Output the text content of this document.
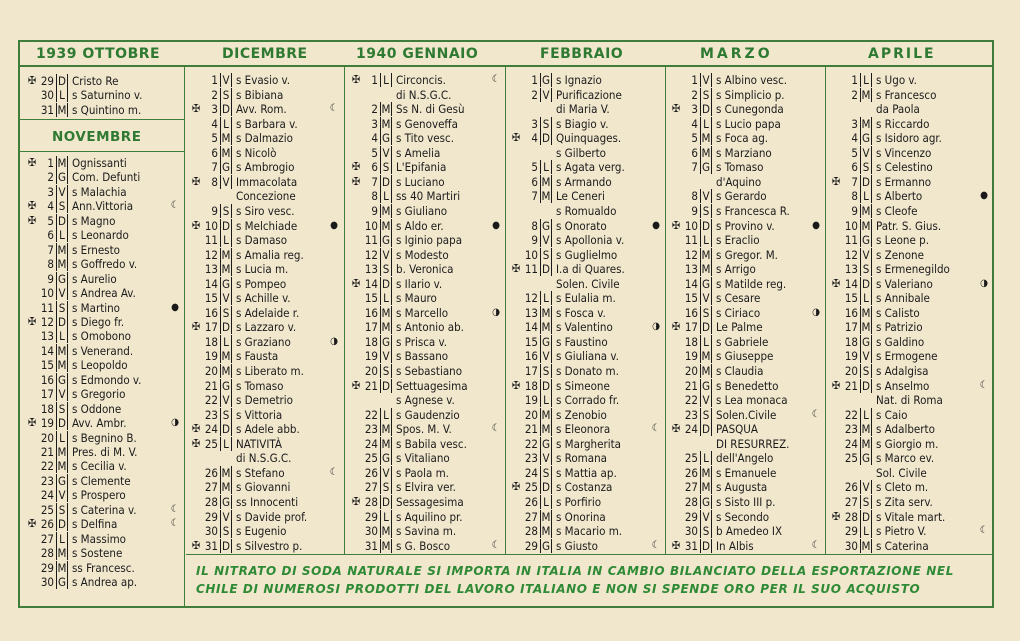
1939 OTTOBRE	DICEMBRE	1940 GENNAIO	FEBBRAIO	MARZO	APRILE
NOVEMBRE
✠ 29 D Cristo Re
30 L s Saturnino v.
31 M s Quintino m.
✠ 1 M Ognissanti
2 G Com. Defunti
3 V s Malachia
✠ 4 S Ann.Vittoria	☾
✠ 5 D s Magno
6 L s Leonardo
7 M s Ernesto
8 M s Goffredo v.
9 G s Aurelio
10 V s Andrea Av.
11 S s Martino	●
✠ 12 D s Diego fr.
13 L s Omobono
14 M s Venerand.
15 M s Leopoldo
16 G s Edmondo v.
17 V s Gregorio
18 S s Oddone
✠ 19 D Avv. Ambr.	◑
20 L s Begnino B.
21 M Pres. di M. V.
22 M s Cecilia v.
23 G s Clemente
24 V s Prospero
25 S s Caterina v.	☾
✠ 26 D s Delfina	☾
27 L s Massimo
28 M s Sostene
29 M ss Francesc.
30 G s Andrea ap.
1 V s Evasio v.
2 S s Bibiana
✠ 3 D Avv. Rom.	☾
4 L s Barbara v.
5 M s Dalmazio
6 M s Nicolò
7 G s Ambrogio
✠ 8 V Immacolata
Concezione
9 S s Siro vesc.
✠ 10 D s Melchiade	●
11 L s Damaso
12 M s Amalia reg.
13 M s Lucia m.
14 G s Pompeo
15 V s Achille v.
16 S s Adelaide r.
✠ 17 D s Lazzaro v.
18 L s Graziano	◑
19 M s Fausta
20 M s Liberato m.
21 G s Tomaso
22 V s Demetrio
23 S s Vittoria
✠ 24 D s Adele abb.
✠ 25 L NATIVITÀ
di N.S.G.C.
26 M s Stefano	☾
27 M s Giovanni
28 G ss Innocenti
29 V s Davide prof.
30 S s Eugenio
✠ 31 D s Silvestro p.
✠ 1 L Circoncis.	☾
di N.S.G.C.
2 M Ss N. di Gesù
3 M s Genoveffa
4 G s Tito vesc.
5 V s Amelia
✠ 6 S L'Epifania
✠ 7 D s Luciano
8 L ss 40 Martiri
9 M s Giuliano
10 M s Aldo er.	●
11 G s Iginio papa
12 V s Modesto
13 S b. Veronica
✠ 14 D s Ilario v.
15 L s Mauro
16 M s Marcello	◑
17 M s Antonio ab.
18 G s Prisca v.
19 V s Bassano
20 S s Sebastiano
✠ 21 D Settuagesima
s Agnese v.
22 L s Gaudenzio
23 M Spos. M. V.	☾
24 M s Babila vesc.
25 G s Vitaliano
26 V s Paola m.
27 S s Elvira ver.
✠ 28 D Sessagesima
29 L s Aquilino pr.
30 M s Savina m.
31 M s G. Bosco	☾
1 G s Ignazio
2 V Purificazione
di Maria V.
3 S s Biagio v.
✠ 4 D Quinquages.
s Gilberto
5 L s Agata verg.
6 M s Armando
7 M Le Ceneri
s Romualdo
8 G s Onorato	●
9 V s Apollonia v.
10 S s Guglielmo
✠ 11 D I.a di Quares.
Solen. Civile
12 L s Eulalia m.
13 M s Fosca v.
14 M s Valentino	◑
15 G s Faustino
16 V s Giuliana v.
17 S s Donato m.
✠ 18 D s Simeone
19 L s Corrado fr.
20 M s Zenobio
21 M s Eleonora	☾
22 G s Margherita
23 V s Romana
24 S s Mattia ap.
✠ 25 D s Costanza
26 L s Porfirio
27 M s Onorina
28 M s Macario m.
29 G s Giusto	☾
1 V s Albino vesc.
2 S s Simplicio p.
✠ 3 D s Cunegonda
4 L s Lucio papa
5 M s Foca ag.
6 M s Marziano
7 G s Tomaso
d'Aquino
8 V s Gerardo
9 S s Francesca R.
✠ 10 D s Provino v.	●
11 L s Eraclio
12 M s Gregor. M.
13 M s Arrigo
14 G s Matilde reg.
15 V s Cesare
16 S s Ciriaco	◑
✠ 17 D Le Palme
18 L s Gabriele
19 M s Giuseppe
20 M s Claudia
21 G s Benedetto
22 V s Lea monaca
23 S Solen.Civile	☾
✠ 24 D PASQUA
DI RESURREZ.
25 L dell'Angelo
26 M s Emanuele
27 M s Augusta
28 G s Sisto III p.
29 V s Secondo
30 S b Amedeo IX
✠ 31 D In Albis	☾
1 L s Ugo v.
2 M s Francesco
da Paola
3 M s Riccardo
4 G s Isidoro agr.
5 V s Vincenzo
6 S s Celestino
✠ 7 D s Ermanno
8 L s Alberto	●
9 M s Cleofe
10 M Patr. S. Gius.
11 G s Leone p.
12 V s Zenone
13 S s Ermenegildo
✠ 14 D s Valeriano	◑
15 L s Annibale
16 M s Calisto
17 M s Patrizio
18 G s Galdino
19 V s Ermogene
20 S s Adalgisa
✠ 21 D s Anselmo	☾
Nat. di Roma
22 L s Caio
23 M s Adalberto
24 M s Giorgio m.
25 G s Marco ev.
Sol. Civile
26 V s Cleto m.
27 S s Zita serv.
✠ 28 D s Vitale mart.
29 L s Pietro V.	☾
30 M s Caterina
IL NITRATO DI SODA NATURALE SI IMPORTA IN ITALIA IN CAMBIO BILANCIATO DELLA ESPORTAZIONE NEL
CHILE DI NUMEROSI PRODOTTI DEL LAVORO ITALIANO E NON SI SPENDE ORO PER IL SUO ACQUISTO
